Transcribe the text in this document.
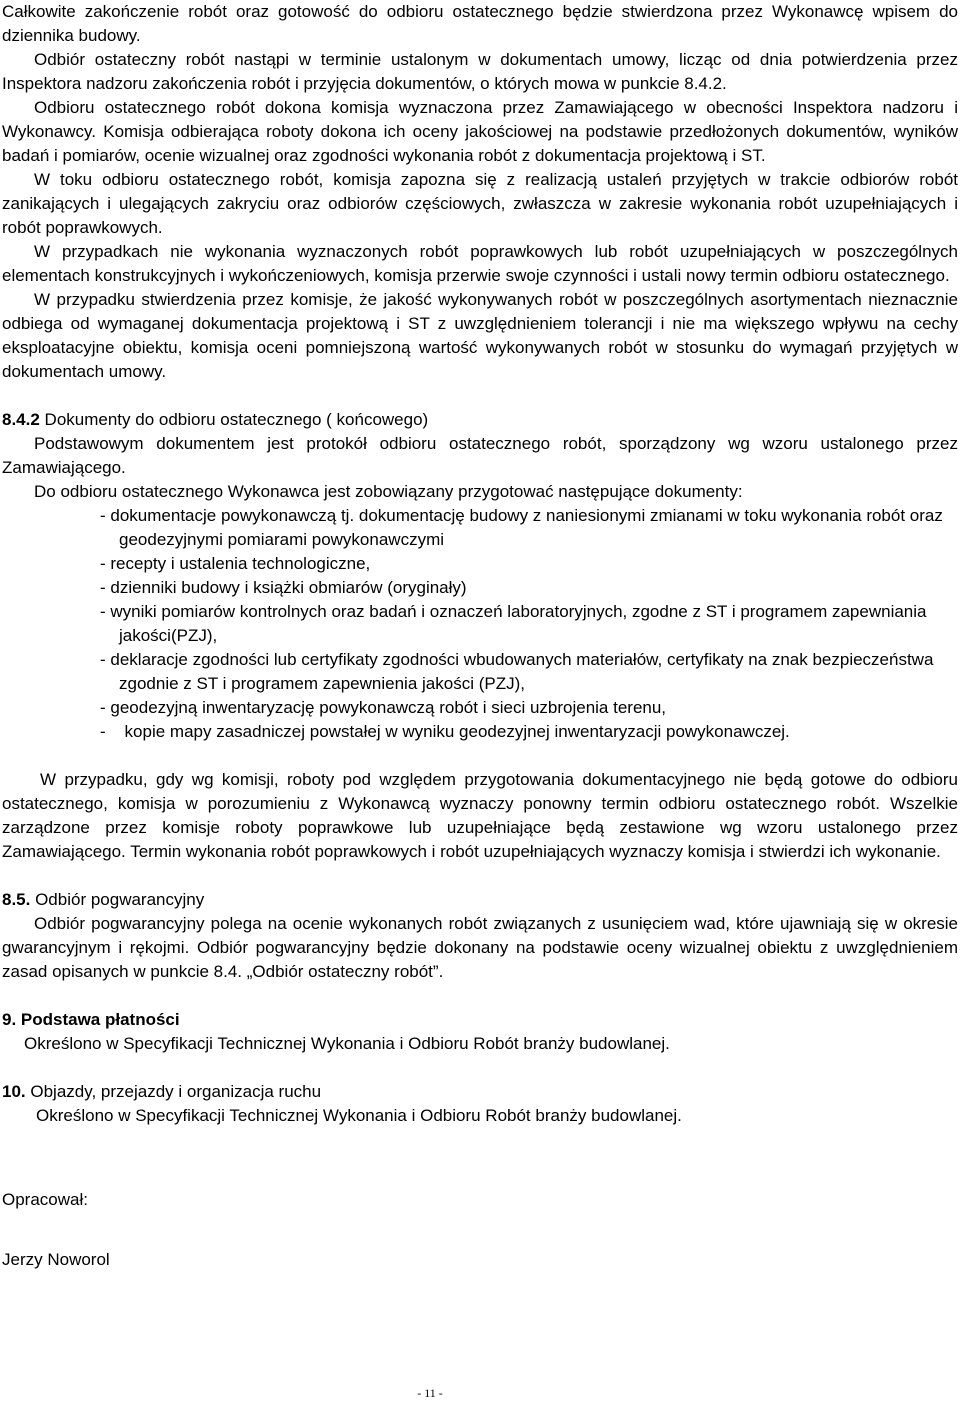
Całkowite zakończenie robót oraz gotowość do odbioru ostatecznego będzie stwierdzona przez Wykonawcę wpisem do dziennika budowy.

Odbiór ostateczny robót nastąpi w terminie ustalonym w dokumentach umowy, licząc od dnia potwierdzenia przez Inspektora nadzoru zakończenia robót i przyjęcia dokumentów, o których mowa w punkcie 8.4.2.

Odbioru ostatecznego robót dokona komisja wyznaczona przez Zamawiającego w obecności Inspektora nadzoru i Wykonawcy. Komisja odbierająca roboty dokona ich oceny jakościowej na podstawie przedłożonych dokumentów, wyników badań i pomiarów, ocenie wizualnej oraz zgodności wykonania robót z dokumentacja projektową i ST.

W toku odbioru ostatecznego robót, komisja zapozna się z realizacją ustaleń przyjętych w trakcie odbiorów robót zanikających i ulegających zakryciu oraz odbiorów częściowych, zwłaszcza w zakresie wykonania robót uzupełniających i robót poprawkowych.

W przypadkach nie wykonania wyznaczonych robót poprawkowych lub robót uzupełniających w poszczególnych elementach konstrukcyjnych i wykończeniowych, komisja przerwie swoje czynności i ustali nowy termin odbioru ostatecznego.

W przypadku stwierdzenia przez komisje, że jakość wykonywanych robót w poszczególnych asortymentach nieznacznie odbiega od wymaganej dokumentacja projektową i ST z uwzględnieniem tolerancji i nie ma większego wpływu na cechy eksploatacyjne obiektu, komisja oceni pomniejszoną wartość wykonywanych robót w stosunku do wymagań przyjętych w dokumentach umowy.

8.4.2 Dokumenty do odbioru ostatecznego ( końcowego)

Podstawowym dokumentem jest protokół odbioru ostatecznego robót, sporządzony wg wzoru ustalonego przez Zamawiającego.

Do odbioru ostatecznego Wykonawca jest zobowiązany przygotować następujące dokumenty:

- dokumentacje powykonawczą tj. dokumentację budowy z naniesionymi zmianami w toku wykonania robót oraz geodezyjnymi pomiarami powykonawczymi
- recepty i ustalenia technologiczne,
- dzienniki budowy i książki obmiarów (oryginały)
- wyniki pomiarów kontrolnych oraz badań i oznaczeń laboratoryjnych, zgodne z ST i programem zapewniania jakości(PZJ),
- deklaracje zgodności lub certyfikaty zgodności wbudowanych materiałów, certyfikaty na znak bezpieczeństwa zgodnie z ST i programem zapewnienia jakości (PZJ),
- geodezyjną inwentaryzację powykonawczą robót i sieci uzbrojenia terenu,
-    kopie mapy zasadniczej powstałej w wyniku geodezyjnej inwentaryzacji powykonawczej.

W przypadku, gdy wg komisji, roboty pod względem przygotowania dokumentacyjnego nie będą gotowe do odbioru ostatecznego, komisja w porozumieniu z Wykonawcą wyznaczy ponowny termin odbioru ostatecznego robót. Wszelkie zarządzone przez komisje roboty poprawkowe lub uzupełniające będą zestawione wg wzoru ustalonego przez Zamawiającego. Termin wykonania robót poprawkowych i robót uzupełniających wyznaczy komisja i stwierdzi ich wykonanie.

8.5. Odbiór pogwarancyjny

Odbiór pogwarancyjny polega na ocenie wykonanych robót związanych z usunięciem wad, które ujawniają się w okresie gwarancyjnym i rękojmi. Odbiór pogwarancyjny będzie dokonany na podstawie oceny wizualnej obiektu z uwzględnieniem zasad opisanych w punkcie 8.4. „Odbiór ostateczny robót”.

9. Podstawa płatności

Określono w Specyfikacji Technicznej Wykonania i Odbioru Robót branży budowlanej.

10. Objazdy, przejazdy i organizacja ruchu

Określono w Specyfikacji Technicznej Wykonania i Odbioru Robót branży budowlanej.

Opracował:

Jerzy Noworol

- 11 -
